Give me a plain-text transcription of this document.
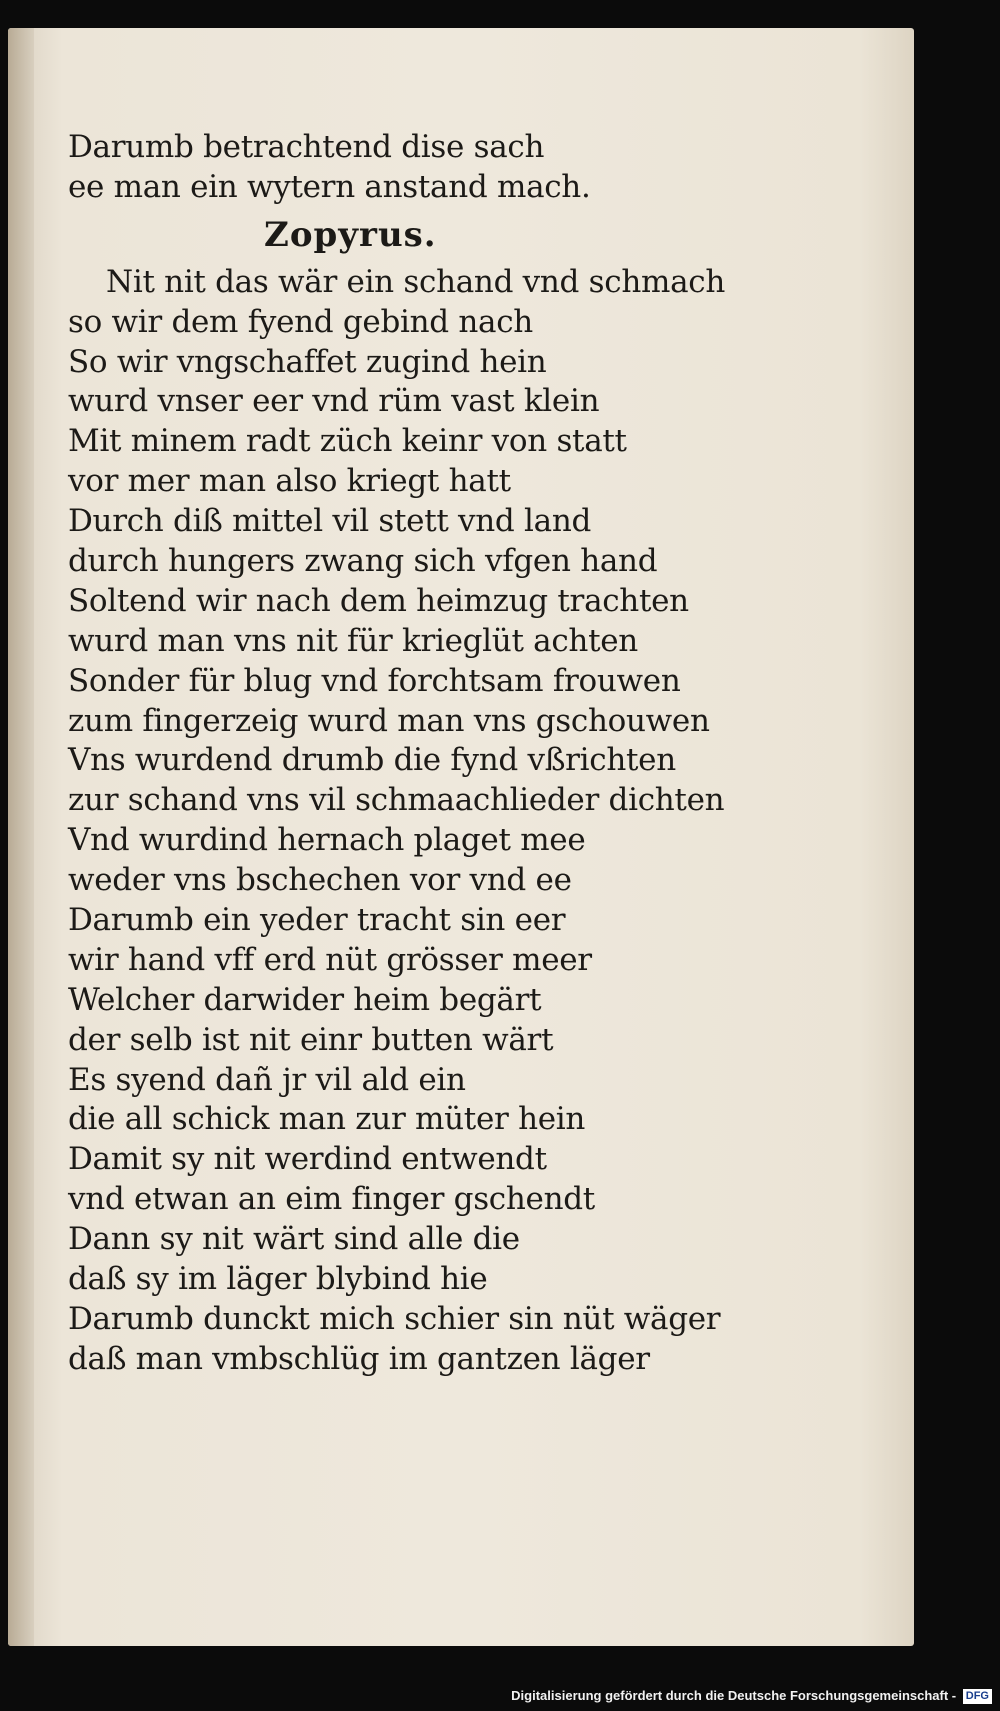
Darumb betrachtend dise sach
ee man ein wytern anstand mach.
Zopyrus.
Nit nit das wär ein schand vnd schmach
so wir dem fyend gebind nach
So wir vngschaffet zugind hein
wurd vnser eer vnd rüm vast klein
Mit minem radt züch keinr von statt
vor mer man also kriegt hatt
Durch diß mittel vil stett vnd land
durch hungers zwang sich vfgen hand
Soltend wir nach dem heimzug trachten
wurd man vns nit für krieglüt achten
Sonder für blug vnd forchtsam frouwen
zum fingerzeig wurd man vns gschouwen
Vns wurdend drumb die fynd vßrichten
zur schand vns vil schmaachlieder dichten
Vnd wurdind hernach plaget mee
weder vns bschechen vor vnd ee
Darumb ein yeder tracht sin eer
wir hand vff erd nüt grösser meer
Welcher darwider heim begärt
der selb ist nit einr butten wärt
Es syend dañ jr vil ald ein
die all schick man zur müter hein
Damit sy nit werdind entwendt
vnd etwan an eim finger gschendt
Dann sy nit wärt sind alle die
daß sy im läger blybind hie
Darumb dunckt mich schier sin nüt wäger
daß man vmbschlüg im gantzen läger
Digitalisierung gefördert durch die Deutsche Forschungsgemeinschaft - DFG
